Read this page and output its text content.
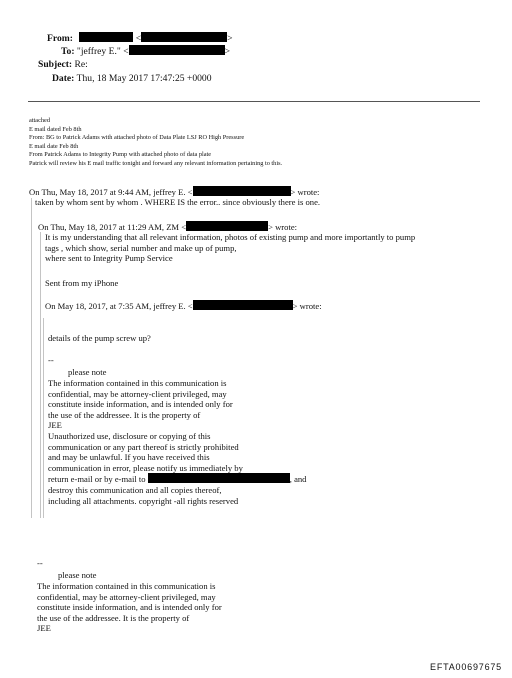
From:	<	>
To: "jeffrey E." <	>
Subject: Re:
Date: Thu, 18 May 2017 17:47:25 +0000
attached
E mail dated Feb 8th
From: BG to Patrick Adams with attached photo of Data Plate LSJ RO High Pressure
E mail date Feb 8th
From Patrick Adams to Integrity Pump with attached photo of data plate
Patrick will review his E mail traffic tonight and forward any relevant information pertaining to this.
On Thu, May 18, 2017 at 9:44 AM, jeffrey E. <	> wrote:
taken by whom sent by whom . WHERE IS the error.. since obviously there is one.
On Thu, May 18, 2017 at 11:29 AM, ZM <	> wrote:
It is my understanding that all relevant information, photos of existing pump and more importantly to pump
tags , which show, serial number and make up of pump,
where sent to Integrity Pump Service
Sent from my iPhone
On May 18, 2017, at 7:35 AM, jeffrey E. <	> wrote:
details of the pump screw up?
--
please note
The information contained in this communication is
confidential, may be attorney-client privileged, may
constitute inside information, and is intended only for
the use of the addressee. It is the property of
JEE
Unauthorized use, disclosure or copying of this
communication or any part thereof is strictly prohibited
and may be unlawful. If you have received this
communication in error, please notify us immediately by
return e-mail or by e-mail to	, and
destroy this communication and all copies thereof,
including all attachments. copyright -all rights reserved
--
please note
The information contained in this communication is
confidential, may be attorney-client privileged, may
constitute inside information, and is intended only for
the use of the addressee. It is the property of
JEE
EFTA00697675
